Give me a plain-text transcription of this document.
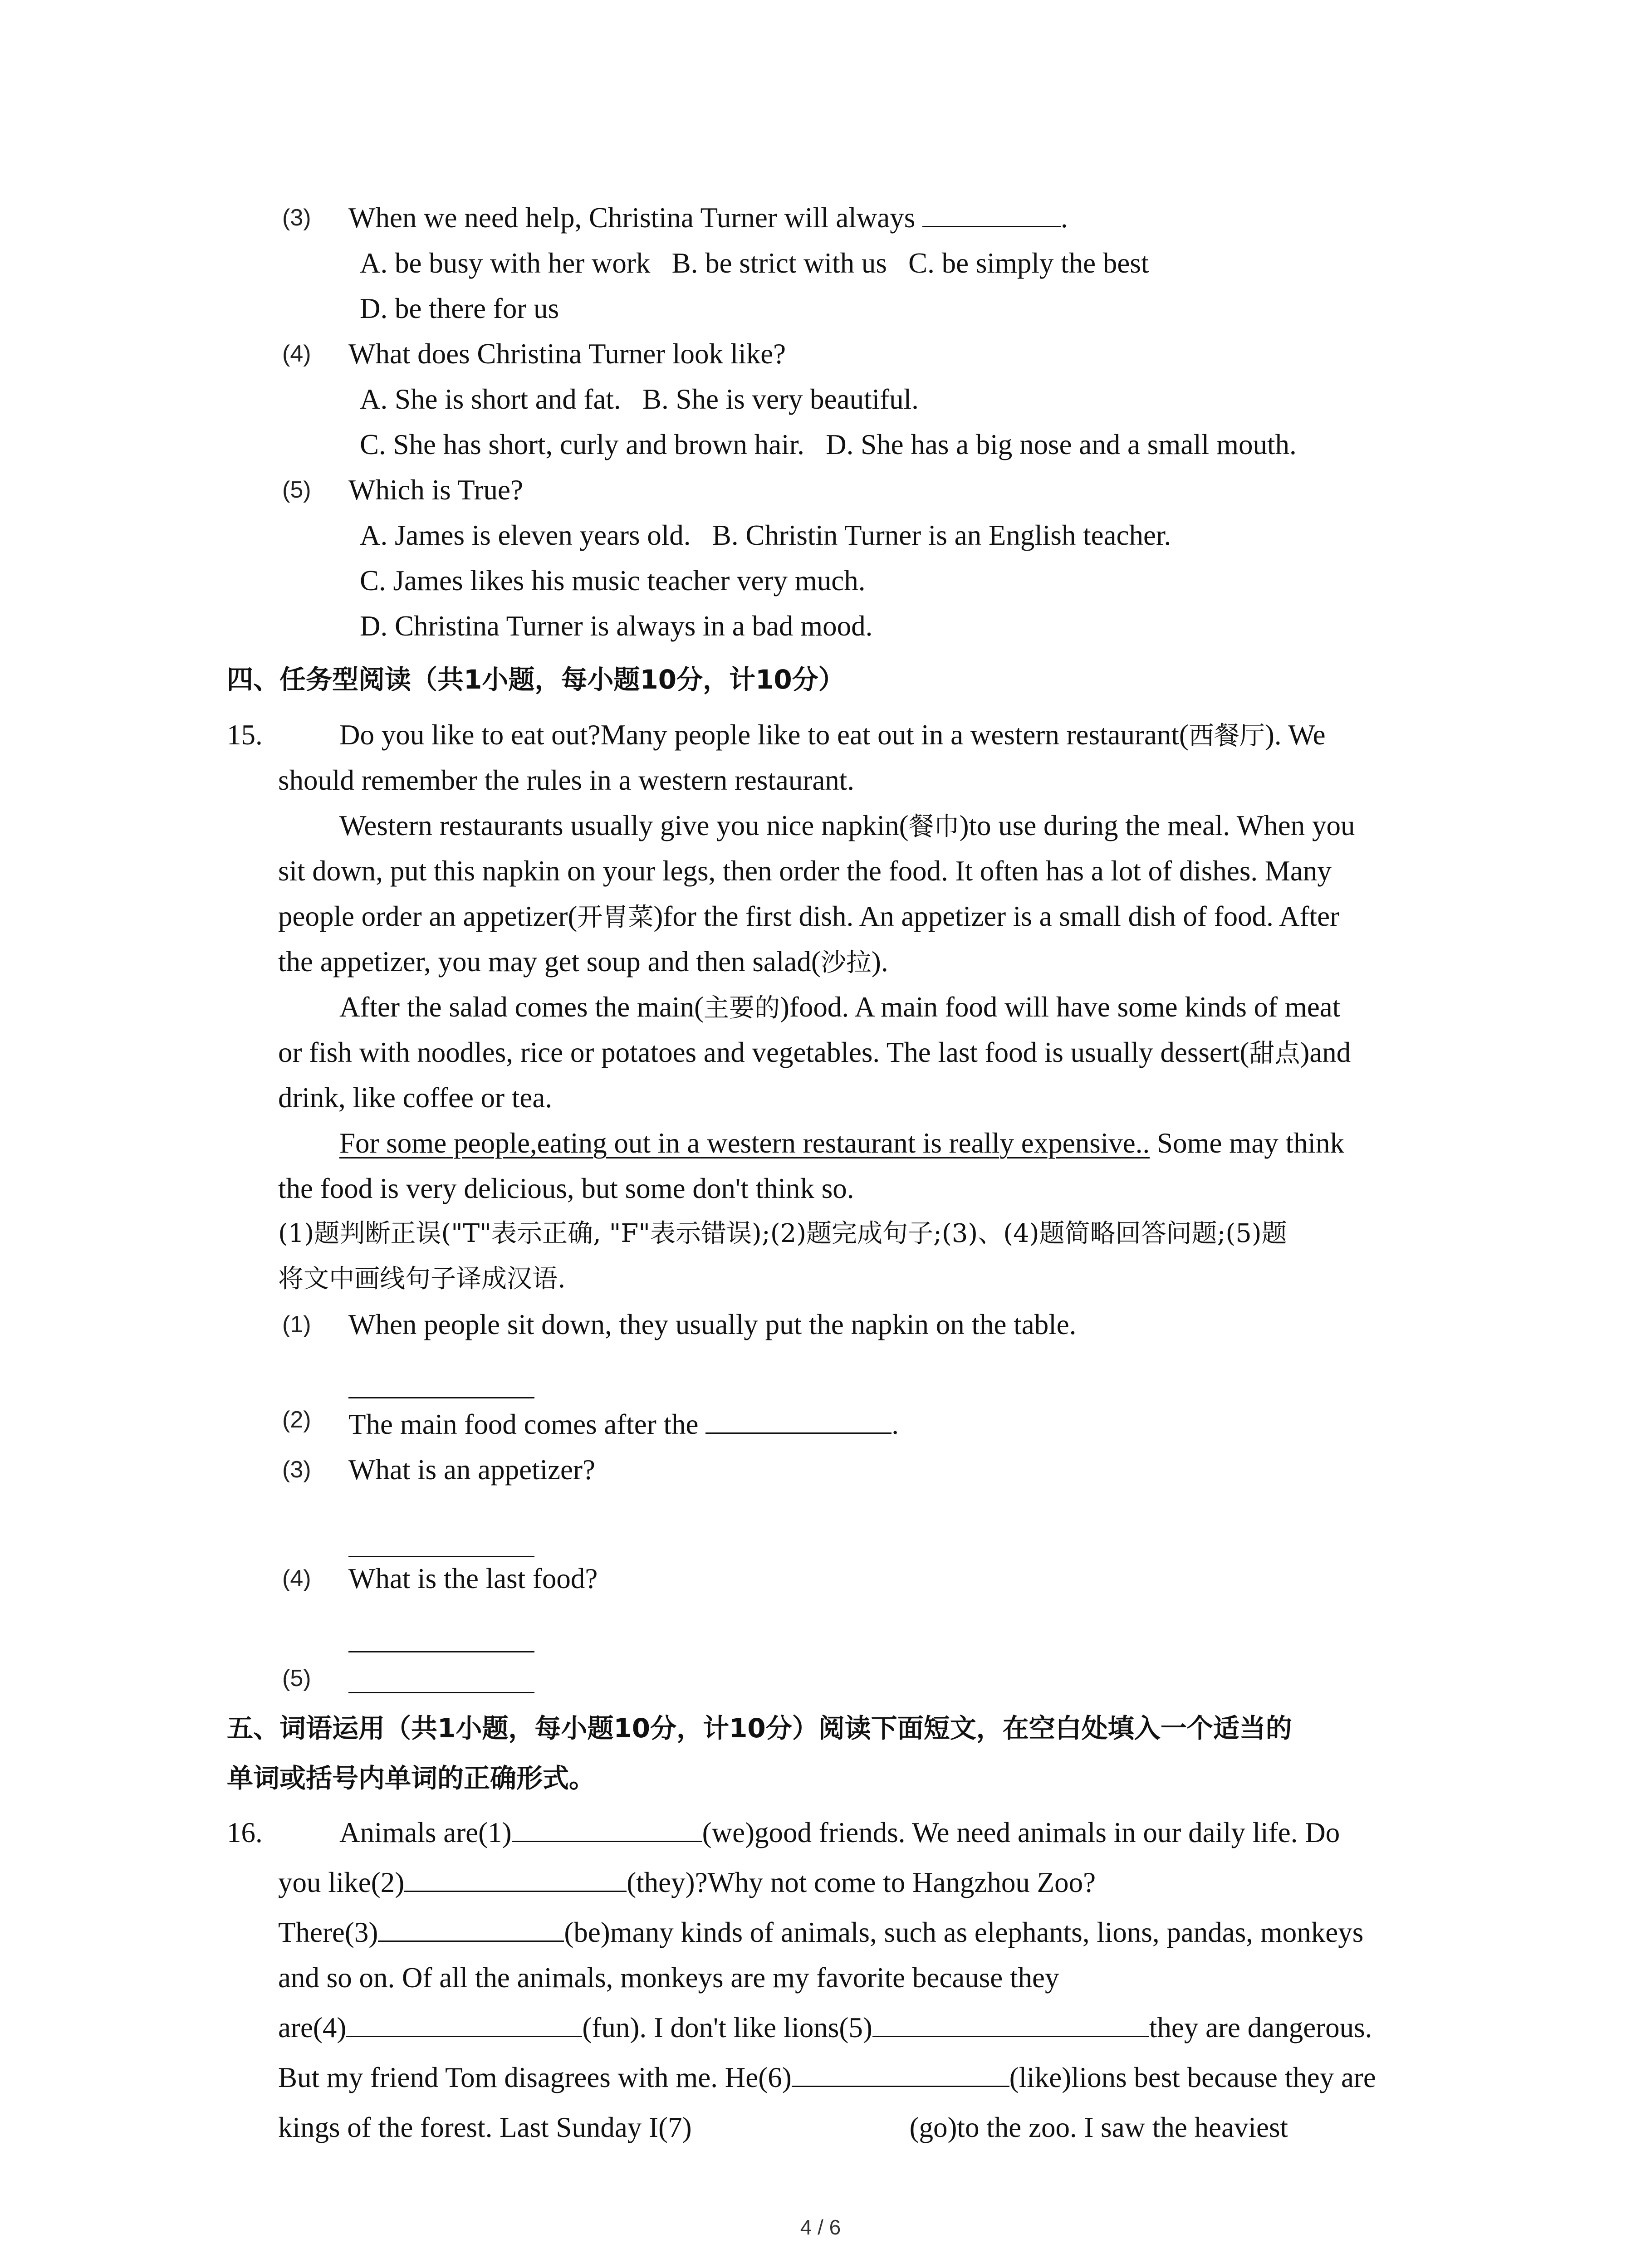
(3) When we need help, Christina Turner will always	.
A. be busy with her work B. be strict with us C. be simply the best
D. be there for us
(4) What does Christina Turner look like?
A. She is short and fat. B. She is very beautiful.
C. She has short, curly and brown hair. D. She has a big nose and a small mouth.
(5) Which is True?
A. James is eleven years old. B. Christin Turner is an English teacher.
C. James likes his music teacher very much.
D. Christina Turner is always in a bad mood.
四、任务型阅读（共1小题，每小题10分，计10分）
15.	Do you like to eat out?Many people like to eat out in a western restaurant(西餐厅). We
should remember the rules in a western restaurant.
Western restaurants usually give you nice napkin(餐巾)to use during the meal. When you
sit down, put this napkin on your legs, then order the food. It often has a lot of dishes. Many
people order an appetizer(开胃菜)for the first dish. An appetizer is a small dish of food. After
the appetizer, you may get soup and then salad(沙拉).
After the salad comes the main(主要的)food. A main food will have some kinds of meat
or fish with noodles, rice or potatoes and vegetables. The last food is usually dessert(甜点)and
drink, like coffee or tea.
For some people,eating out in a western restaurant is really expensive.. Some may think
the food is very delicious, but some don't think so.
(1)题判断正误("T"表示正确, "F"表示错误);(2)题完成句子;(3)、(4)题简略回答问题;(5)题
将文中画线句子译成汉语.
(1) When people sit down, they usually put the napkin on the table.
(2) The main food comes after the	.
(3) What is an appetizer?
(4) What is the last food?
(5)
五、词语运用（共1小题，每小题10分，计10分）阅读下面短文，在空白处填入一个适当的
单词或括号内单词的正确形式。
16.	Animals are(1)	(we)good friends. We need animals in our daily life. Do
you like(2)	(they)?Why not come to Hangzhou Zoo?
There(3)	(be)many kinds of animals, such as elephants, lions, pandas, monkeys
and so on. Of all the animals, monkeys are my favorite because they
are(4)	(fun). I don't like lions(5)	they are dangerous.
But my friend Tom disagrees with me. He(6)	(like)lions best because they are
kings of the forest. Last Sunday I(7)	(go)to the zoo. I saw the heaviest
4 / 6
